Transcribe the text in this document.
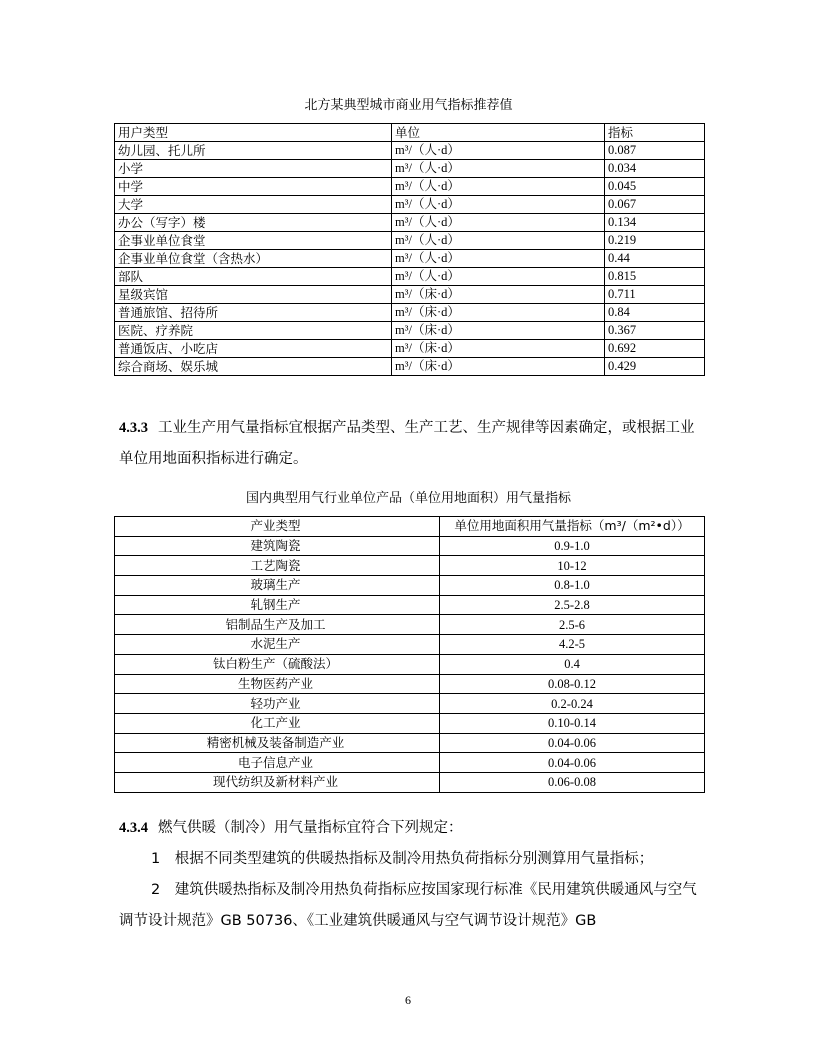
北方某典型城市商业用气指标推荐值
用户类型	单位	指标
幼儿园、托儿所	m³/（人·d）	0.087
小学	m³/（人·d）	0.034
中学	m³/（人·d）	0.045
大学	m³/（人·d）	0.067
办公（写字）楼	m³/（人·d）	0.134
企事业单位食堂	m³/（人·d）	0.219
企事业单位食堂（含热水）	m³/（人·d）	0.44
部队	m³/（人·d）	0.815
星级宾馆	m³/（床·d）	0.711
普通旅馆、招待所	m³/（床·d）	0.84
医院、疗养院	m³/（床·d）	0.367
普通饭店、小吃店	m³/（床·d）	0.692
综合商场、娱乐城	m³/（床·d）	0.429
4.3.3 工业生产用气量指标宜根据产品类型、生产工艺、生产规律等因素确定，或根据工业单位用地面积指标进行确定。
国内典型用气行业单位产品（单位用地面积）用气量指标
产业类型	单位用地面积用气量指标（m³/（m²•d））
建筑陶瓷	0.9-1.0
工艺陶瓷	10-12
玻璃生产	0.8-1.0
轧钢生产	2.5-2.8
铝制品生产及加工	2.5-6
水泥生产	4.2-5
钛白粉生产（硫酸法）	0.4
生物医药产业	0.08-0.12
轻功产业	0.2-0.24
化工产业	0.10-0.14
精密机械及装备制造产业	0.04-0.06
电子信息产业	0.04-0.06
现代纺织及新材料产业	0.06-0.08
4.3.4 燃气供暖（制冷）用气量指标宜符合下列规定：
1　根据不同类型建筑的供暖热指标及制冷用热负荷指标分别测算用气量指标；
2　建筑供暖热指标及制冷用热负荷指标应按国家现行标准《民用建筑供暖通风与空气调节设计规范》GB 50736、《工业建筑供暖通风与空气调节设计规范》GB
6
